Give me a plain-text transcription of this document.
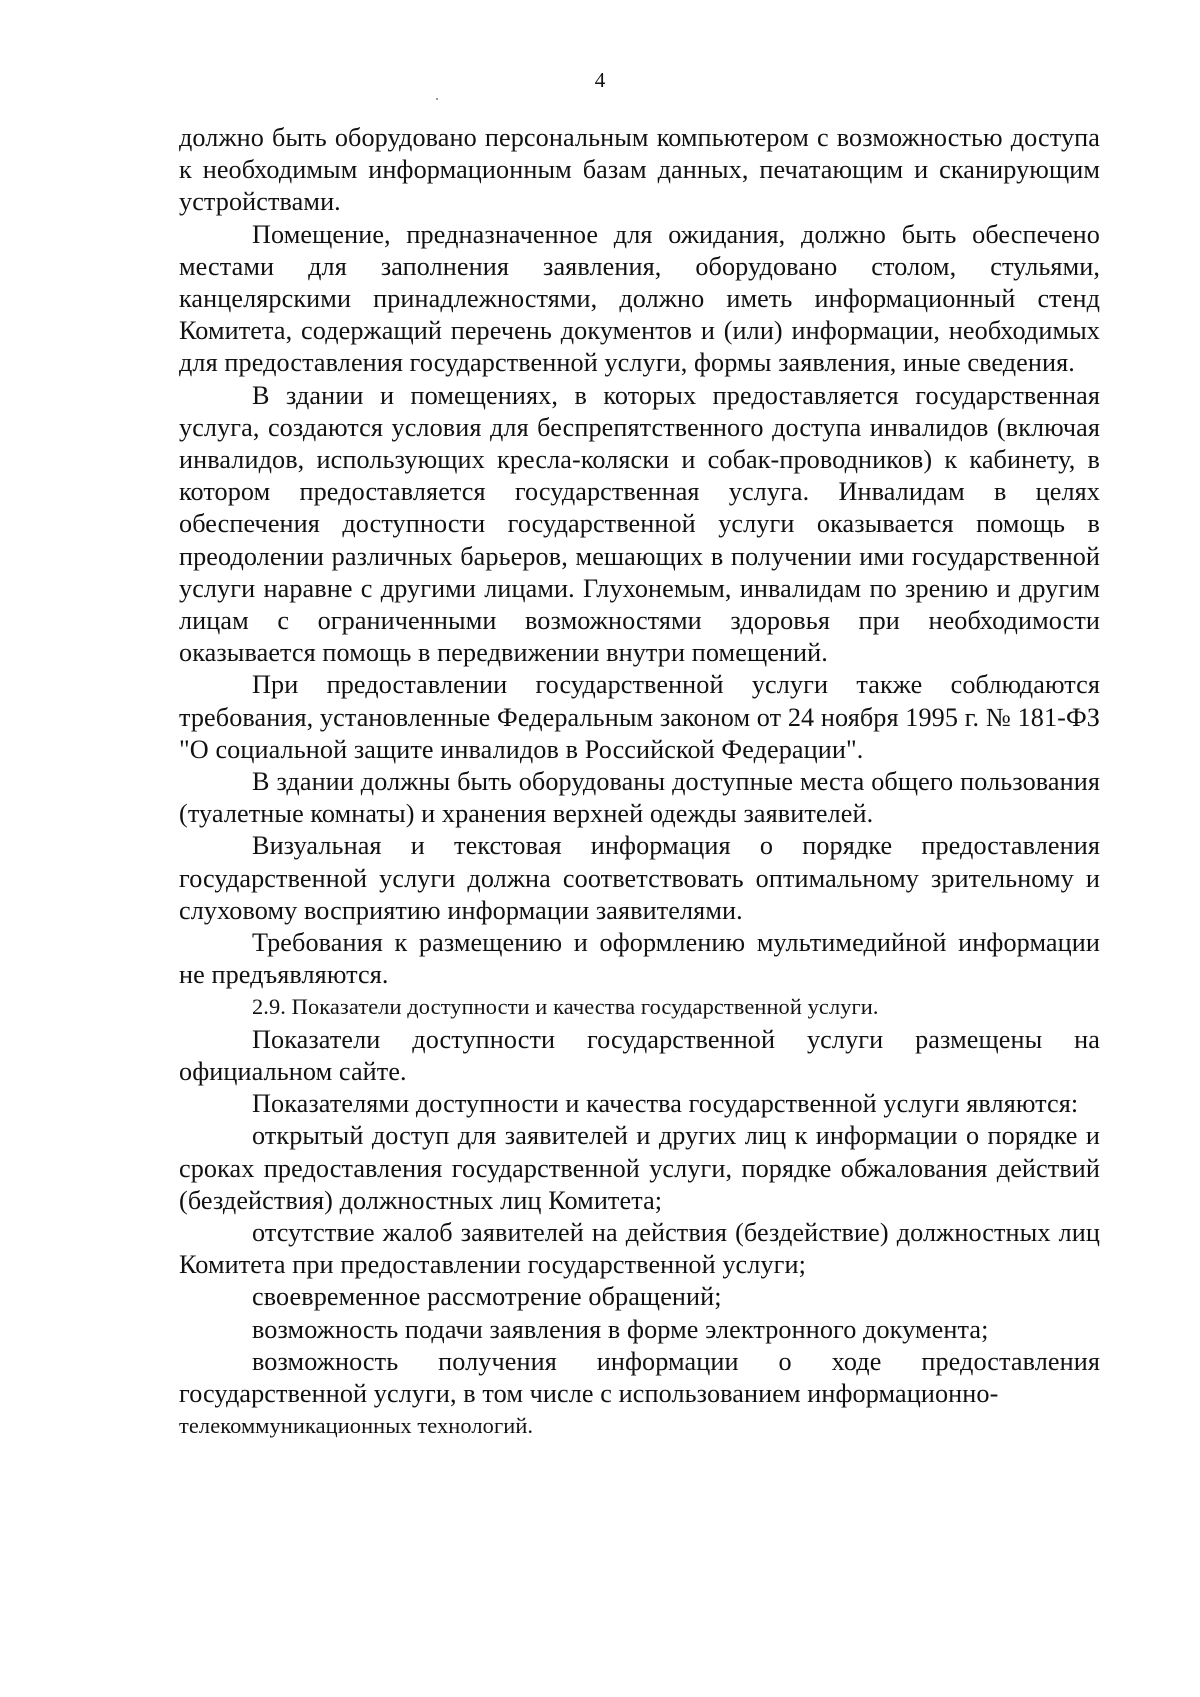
4

должно быть оборудовано персональным компьютером с возможностью доступа к необходимым информационным базам данных, печатающим и сканирующим устройствами.

Помещение, предназначенное для ожидания, должно быть обеспечено местами для заполнения заявления, оборудовано столом, стульями, канцелярскими принадлежностями, должно иметь информационный стенд Комитета, содержащий перечень документов и (или) информации, необходимых для предоставления государственной услуги, формы заявления, иные сведения.

В здании и помещениях, в которых предоставляется государственная услуга, создаются условия для беспрепятственного доступа инвалидов (включая инвалидов, использующих кресла-коляски и собак-проводников) к кабинету, в котором предоставляется государственная услуга. Инвалидам в целях обеспечения доступности государственной услуги оказывается помощь в преодолении различных барьеров, мешающих в получении ими государственной услуги наравне с другими лицами. Глухонемым, инвалидам по зрению и другим лицам с ограниченными возможностями здоровья при необходимости оказывается помощь в передвижении внутри помещений.

При предоставлении государственной услуги также соблюдаются требования, установленные Федеральным законом от 24 ноября 1995 г. № 181-ФЗ "О социальной защите инвалидов в Российской Федерации".

В здании должны быть оборудованы доступные места общего пользования (туалетные комнаты) и хранения верхней одежды заявителей.

Визуальная и текстовая информация о порядке предоставления государственной услуги должна соответствовать оптимальному зрительному и слуховому восприятию информации заявителями.

Требования к размещению и оформлению мультимедийной информации не предъявляются.

2.9. Показатели доступности и качества государственной услуги.

Показатели доступности государственной услуги размещены на официальном сайте.

Показателями доступности и качества государственной услуги являются:

открытый доступ для заявителей и других лиц к информации о порядке и сроках предоставления государственной услуги, порядке обжалования действий (бездействия) должностных лиц Комитета;

отсутствие жалоб заявителей на действия (бездействие) должностных лиц Комитета при предоставлении государственной услуги;

своевременное рассмотрение обращений;

возможность подачи заявления в форме электронного документа;

возможность получения информации о ходе предоставления государственной услуги, в том числе с использованием информационно-

телекоммуникационных технологий.
